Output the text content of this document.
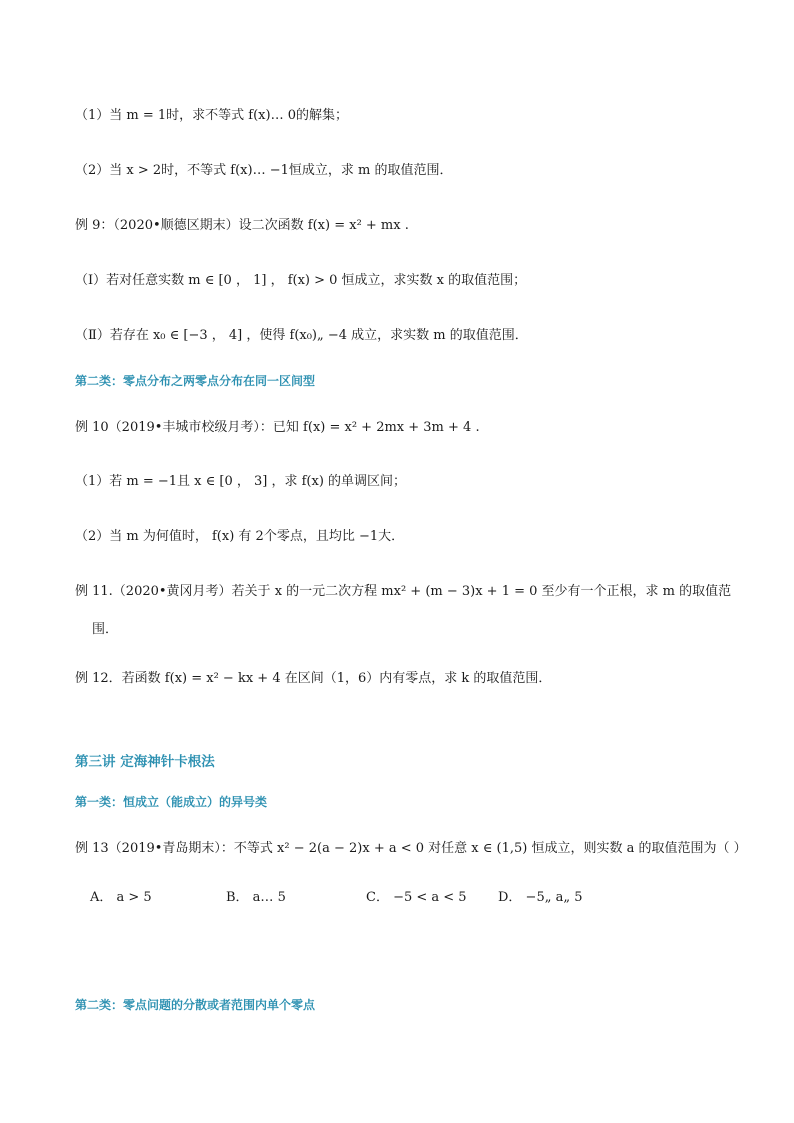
（1）当 m = 1时，求不等式 f(x)… 0的解集；
（2）当 x > 2时，不等式 f(x)… −1恒成立，求 m 的取值范围．
例 9：（2020•顺德区期末）设二次函数 f(x) = x² + mx .
（Ⅰ）若对任意实数 m ∈ [0 ， 1] ， f(x) > 0 恒成立，求实数 x 的取值范围；
（Ⅱ）若存在 x₀ ∈ [−3 ， 4] ，使得 f(x₀)„ −4 成立，求实数 m 的取值范围．
第二类：零点分布之两零点分布在同一区间型
例 10（2019•丰城市校级月考）：已知 f(x) = x² + 2mx + 3m + 4 .
（1）若 m = −1且 x ∈ [0 ， 3] ，求 f(x) 的单调区间；
（2）当 m 为何值时， f(x) 有 2个零点，且均比 −1大．
例 11.（2020•黄冈月考）若关于 x 的一元二次方程 mx² + (m − 3)x + 1 = 0 至少有一个正根，求 m 的取值范
围．
例 12．若函数 f(x) = x² − kx + 4 在区间（1，6）内有零点，求 k 的取值范围．
第三讲 定海神针卡根法
第一类：恒成立（能成立）的异号类
例 13（2019•青岛期末）：不等式 x² − 2(a − 2)x + a < 0 对任意 x ∈ (1,5) 恒成立，则实数 a 的取值范围为（ ）
A． a > 5	B． a… 5	C． −5 < a < 5 D． −5„ a„ 5
第二类：零点问题的分散或者范围内单个零点
